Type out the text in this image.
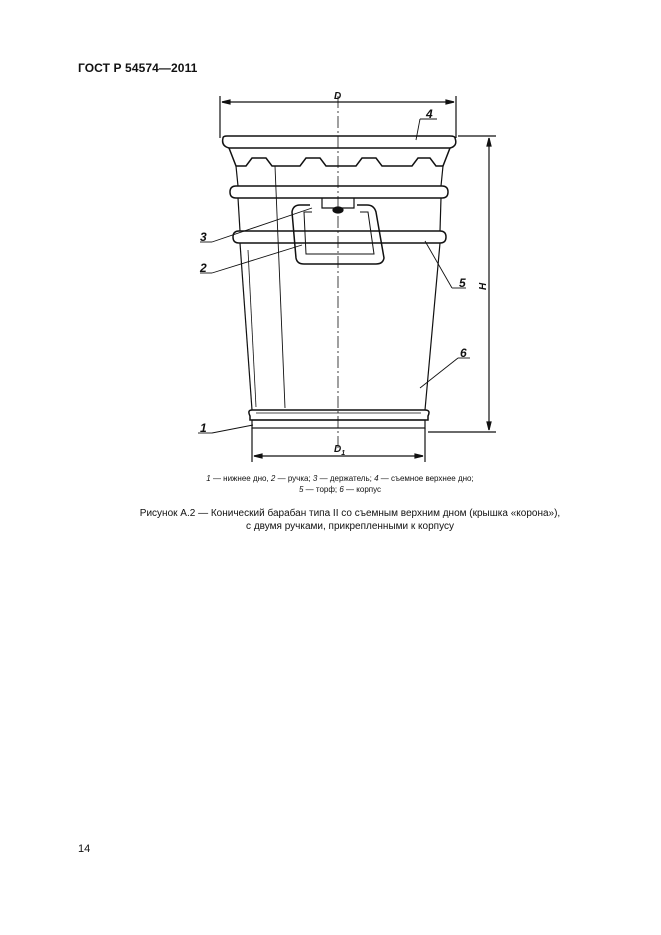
ГОСТ Р 54574—2011
D
$D_1$
H
4
3
2
5
6
1
1 — нижнее дно, 2 — ручка; 3 — держатель; 4 — съемное верхнее дно;
5 — торф; 6 — корпус
Рисунок А.2 — Конический барабан типа II со съемным верхним дном (крышка «корона»),
с двумя ручками, прикрепленными к корпусу
14
